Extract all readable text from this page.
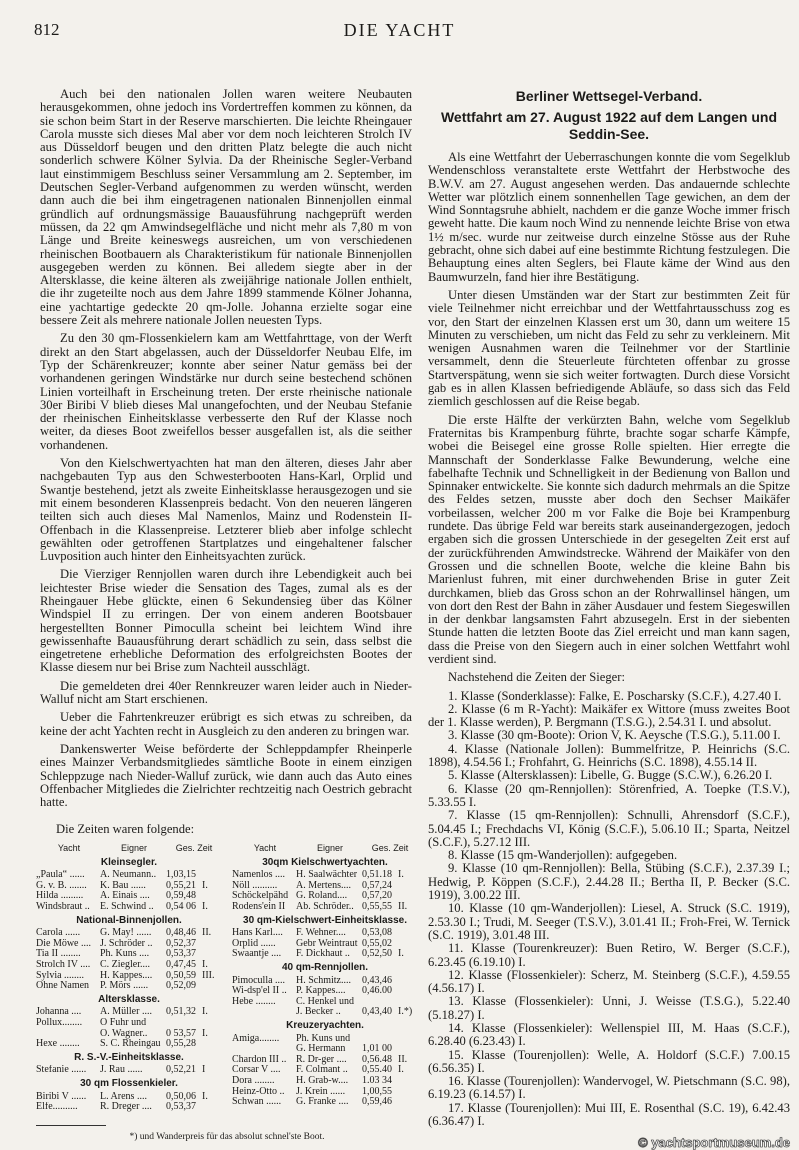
812	DIE YACHT

Auch bei den nationalen Jollen waren weitere Neubauten herausgekommen, ohne jedoch ins Vordertreffen kommen zu können, da sie schon beim Start in der Reserve marschierten. Die leichte Rheingauer Carola musste sich dieses Mal aber vor dem noch leichteren Strolch IV aus Düsseldorf beugen und den dritten Platz belegte die auch nicht sonderlich schwere Kölner Sylvia. Da der Rheinische Segler-Verband laut einstimmigem Beschluss seiner Versammlung am 2. September, im Deutschen Segler-Verband aufgenommen zu werden wünscht, werden dann auch die bei ihm eingetragenen nationalen Binnenjollen einmal gründlich auf ordnungsmässige Bauausführung nachgeprüft werden müssen, da 22 qm Amwindsegelfläche und nicht mehr als 7,80 m von Länge und Breite keineswegs ausreichen, um von verschiedenen rheinischen Bootbauern als Charakteristikum für nationale Binnenjollen ausgegeben werden zu können. Bei alledem siegte aber in der Altersklasse, die keine älteren als zweijährige nationale Jollen enthielt, die ihr zugeteilte noch aus dem Jahre 1899 stammende Kölner Johanna, eine yachtartige gedeckte 20 qm-Jolle. Johanna erzielte sogar eine bessere Zeit als mehrere nationale Jollen neuesten Typs.

Zu den 30 qm-Flossenkielern kam am Wettfahrttage, von der Werft direkt an den Start abgelassen, auch der Düsseldorfer Neubau Elfe, im Typ der Schärenkreuzer; konnte aber seiner Natur gemäss bei der vorhandenen geringen Windstärke nur durch seine bestechend schönen Linien vorteilhaft in Erscheinung treten. Der erste rheinische nationale 30er Biribi V blieb dieses Mal unangefochten, und der Neubau Stefanie der rheinischen Einheitsklasse verbesserte den Ruf der Klasse noch weiter, da dieses Boot zweifellos besser ausgefallen ist, als die seither vorhandenen.

Von den Kielschwertyachten hat man den älteren, dieses Jahr aber nachgebauten Typ aus den Schwesterbooten Hans-Karl, Orplid und Swantje bestehend, jetzt als zweite Einheitsklasse herausgezogen und sie mit einem besonderen Klassenpreis bedacht. Von den neueren längeren teilten sich auch dieses Mal Namenlos, Mainz und Rodenstein II-Offenbach in die Klassenpreise. Letzterer blieb aber infolge schlecht gewählten oder getroffenen Startplatzes und eingehaltener falscher Luvposition auch hinter den Einheitsyachten zurück.

Die Vierziger Rennjollen waren durch ihre Lebendigkeit auch bei leichtester Brise wieder die Sensation des Tages, zumal als es der Rheingauer Hebe glückte, einen 6 Sekundensieg über das Kölner Windspiel II zu erringen. Der von einem anderen Bootsbauer hergestellten Bonner Pimoculla scheint bei leichtem Wind ihre gewissenhafte Bauausführung derart schädlich zu sein, dass selbst die eingetretene erhebliche Deformation des erfolgreichsten Bootes der Klasse diesem nur bei Brise zum Nachteil ausschlägt.

Die gemeldeten drei 40er Rennkreuzer waren leider auch in Nieder-Walluf nicht am Start erschienen.

Ueber die Fahrtenkreuzer erübrigt es sich etwas zu schreiben, da keine der acht Yachten recht in Ausgleich zu den anderen zu bringen war.

Dankenswerter Weise beförderte der Schleppdampfer Rheinperle eines Mainzer Verbandsmitgliedes sämtliche Boote in einem einzigen Schleppzuge nach Nieder-Walluf zurück, wie dann auch das Auto eines Offenbacher Mitgliedes die Zielrichter rechtzeitig nach Oestrich gebracht hatte.

Die Zeiten waren folgende:
Yacht	Eigner	Ges. Zeit
Kleinsegler.
„Paula“ ......	A. Neumann.. 1,03,15
G. v. B. .......	K. Bau ......	0,55,21 I.
Hilda .........	A. Einais ....	0,59,48
Windsbraut ..	E. Schwind ..	0,54 06 I.
National-Binnenjollen.
Carola ......	G. May! ......	0,48,46 II.
Die Möwe .... J. Schröder ..	0,52,37
Tia II ........	Ph. Kuns ....	0,53,37
Strolch IV .... C. Ziegler....	0,47,45 I.
Sylvia ........	H. Kappes....	0,50,59 III.
Ohne Namen	P. Mörs ......	0,52,09
Altersklasse.
Johanna ....	A. Müller ....	0,51,32 I.
Pollux........	O Fuhr und
O. Wagner..	0 53,57 I.
Hexe ........	S. C. Rheingau 0,55,28
R. S.-V.-Einheitsklasse.
Stefanie ......	J. Rau ......	0,52,21 I
30 qm Flossenkieler.
Biribi V ......	L. Arens ....	0,50,06 I.
Elfe..........	R. Dreger ....	0,53,37
Yacht	Eigner	Ges. Zeit
30qm Kielschwertyachten.
Namenlos ....	H. Saalwächter 0,51.18 I.
Nöll ..........	A. Mertens....	0,57,24
Schöckelpähd G. Roland....	0,57,20
Rodens'ein II	Ab. Schröder.. 0,55,55 II.
30 qm-Kielschwert-Einheitsklasse.
Hans Karl....	F. Wehner....	0,53,08
Orplid ......	Gebr Weintraut 0,55,02
Swaantje ....	F. Dickhaut ..	0,52,50 I.
40 qm-Rennjollen.
Pimoculla ....	H. Schmitz....	0,43,46
Wi-dsp'el II .. P. Kappes....	0,46.00
Hebe ........	C. Henkel und
J. Becker ..	0,43,40 I.*)
Kreuzeryachten.
Amiga........	Ph. Kuns und
G. Hermann	1,01 00
Chardon III .. R. Dr-ger ....	0,56.48 II.
Corsar V ....	F. Colmant ..	0,55.40 I.
Dora ........	H. Grab-w....	1.03 34
Heinz-Otto ..	J. Krein ......	1,00,55
Schwan ......	G. Franke ....	0,59,46
*) und Wanderpreis für das absolut schnel'ste Boot.
Berliner Wettsegel-Verband.
Wettfahrt am 27. August 1922 auf dem Langen und Seddin-See.

Als eine Wettfahrt der Ueberraschungen konnte die vom Segelklub Wendenschloss veranstaltete erste Wettfahrt der Herbstwoche des B.W.V. am 27. August angesehen werden. Das andauernde schlechte Wetter war plötzlich einem sonnenhellen Tage gewichen, an dem der Wind Sonntagsruhe abhielt, nachdem er die ganze Woche immer frisch geweht hatte. Die kaum noch Wind zu nennende leichte Brise von etwa 1½ m/sec. wurde nur zeitweise durch einzelne Stösse aus der Ruhe gebracht, ohne sich dabei auf eine bestimmte Richtung festzulegen. Die Behauptung eines alten Seglers, bei Flaute käme der Wind aus den Baumwurzeln, fand hier ihre Bestätigung.

Unter diesen Umständen war der Start zur bestimmten Zeit für viele Teilnehmer nicht erreichbar und der Wettfahrtausschuss zog es vor, den Start der einzelnen Klassen erst um 30, dann um weitere 15 Minuten zu verschieben, um nicht das Feld zu sehr zu verkleinern. Mit wenigen Ausnahmen waren die Teilnehmer vor der Startlinie versammelt, denn die Steuerleute fürchteten offenbar zu grosse Startverspätung, wenn sie sich weiter fortwagten. Durch diese Vorsicht gab es in allen Klassen befriedigende Abläufe, so dass sich das Feld ziemlich geschlossen auf die Reise begab.

Die erste Hälfte der verkürzten Bahn, welche vom Segelklub Fraternitas bis Krampenburg führte, brachte sogar scharfe Kämpfe, wobei die Beisegel eine grosse Rolle spielten. Hier erregte die Mannschaft der Sonderklasse Falke Bewunderung, welche eine fabelhafte Technik und Schnelligkeit in der Bedienung von Ballon und Spinnaker entwickelte. Sie konnte sich dadurch mehrmals an die Spitze des Feldes setzen, musste aber doch den Sechser Maikäfer vorbeilassen, welcher 200 m vor Falke die Boje bei Krampenburg rundete. Das übrige Feld war bereits stark auseinandergezogen, jedoch ergaben sich die grossen Unterschiede in der gesegelten Zeit erst auf der zurückführenden Amwindstrecke. Während der Maikäfer von den Grossen und die schnellen Boote, welche die kleine Bahn bis Marienlust fuhren, mit einer durchwehenden Brise in guter Zeit durchkamen, blieb das Gross schon an der Rohrwallinsel hängen, um von dort den Rest der Bahn in zäher Ausdauer und festem Siegeswillen in der denkbar langsamsten Fahrt abzusegeln. Erst in der siebenten Stunde hatten die letzten Boote das Ziel erreicht und man kann sagen, dass die Preise von den Siegern auch in einer solchen Wettfahrt wohl verdient sind.

Nachstehend die Zeiten der Sieger:

1. Klasse (Sonderklasse): Falke, E. Poscharsky (S.C.F.), 4.27.40 I.

2. Klasse (6 m R-Yacht): Maikäfer ex Wittore (muss zweites Boot der 1. Klasse werden), P. Bergmann (T.S.G.), 2.54.31 I. und absolut.

3. Klasse (30 qm-Boote): Orion V, K. Aeysche (T.S.G.), 5.11.00 I.

4. Klasse (Nationale Jollen): Bummelfritze, P. Heinrichs (S.C. 1898), 4.54.56 I.; Frohfahrt, G. Heinrichs (S.C. 1898), 4.55.14 II.

5. Klasse (Altersklassen): Libelle, G. Bugge (S.C.W.), 6.26.20 I.

6. Klasse (20 qm-Rennjollen): Störenfried, A. Toepke (T.S.V.), 5.33.55 I.

7. Klasse (15 qm-Rennjollen): Schnulli, Ahrensdorf (S.C.F.), 5.04.45 I.; Frechdachs VI, König (S.C.F.), 5.06.10 II.; Sparta, Neitzel (S.C.F.), 5.27.12 III.

8. Klasse (15 qm-Wanderjollen): aufgegeben.

9. Klasse (10 qm-Rennjollen): Bella, Stübing (S.C.F.), 2.37.39 I.; Hedwig, P. Köppen (S.C.F.), 2.44.28 II.; Bertha II, P. Becker (S.C. 1919), 3.00.22 III.

10. Klasse (10 qm-Wanderjollen): Liesel, A. Struck (S.C. 1919), 2.53.30 I.; Trudi, M. Seeger (T.S.V.), 3.01.41 II.; Froh-Frei, W. Ternick (S.C. 1919), 3.01.48 III.

11. Klasse (Tourenkreuzer): Buen Retiro, W. Berger (S.C.F.), 6.23.45 (6.19.10) I.

12. Klasse (Flossenkieler): Scherz, M. Steinberg (S.C.F.), 4.59.55 (4.56.17) I.

13. Klasse (Flossenkieler): Unni, J. Weisse (T.S.G.), 5.22.40 (5.18.27) I.

14. Klasse (Flossenkieler): Wellenspiel III, M. Haas (S.C.F.), 6.28.40 (6.23.43) I.

15. Klasse (Tourenjollen): Welle, A. Holdorf (S.C.F.) 7.00.15 (6.56.35) I.

16. Klasse (Tourenjollen): Wandervogel, W. Pietschmann (S.C. 98), 6.19.23 (6.14.57) I.

17. Klasse (Tourenjollen): Mui III, E. Rosenthal (S.C. 19), 6.42.43 (6.36.47) I.

© yachtsportmuseum.de
